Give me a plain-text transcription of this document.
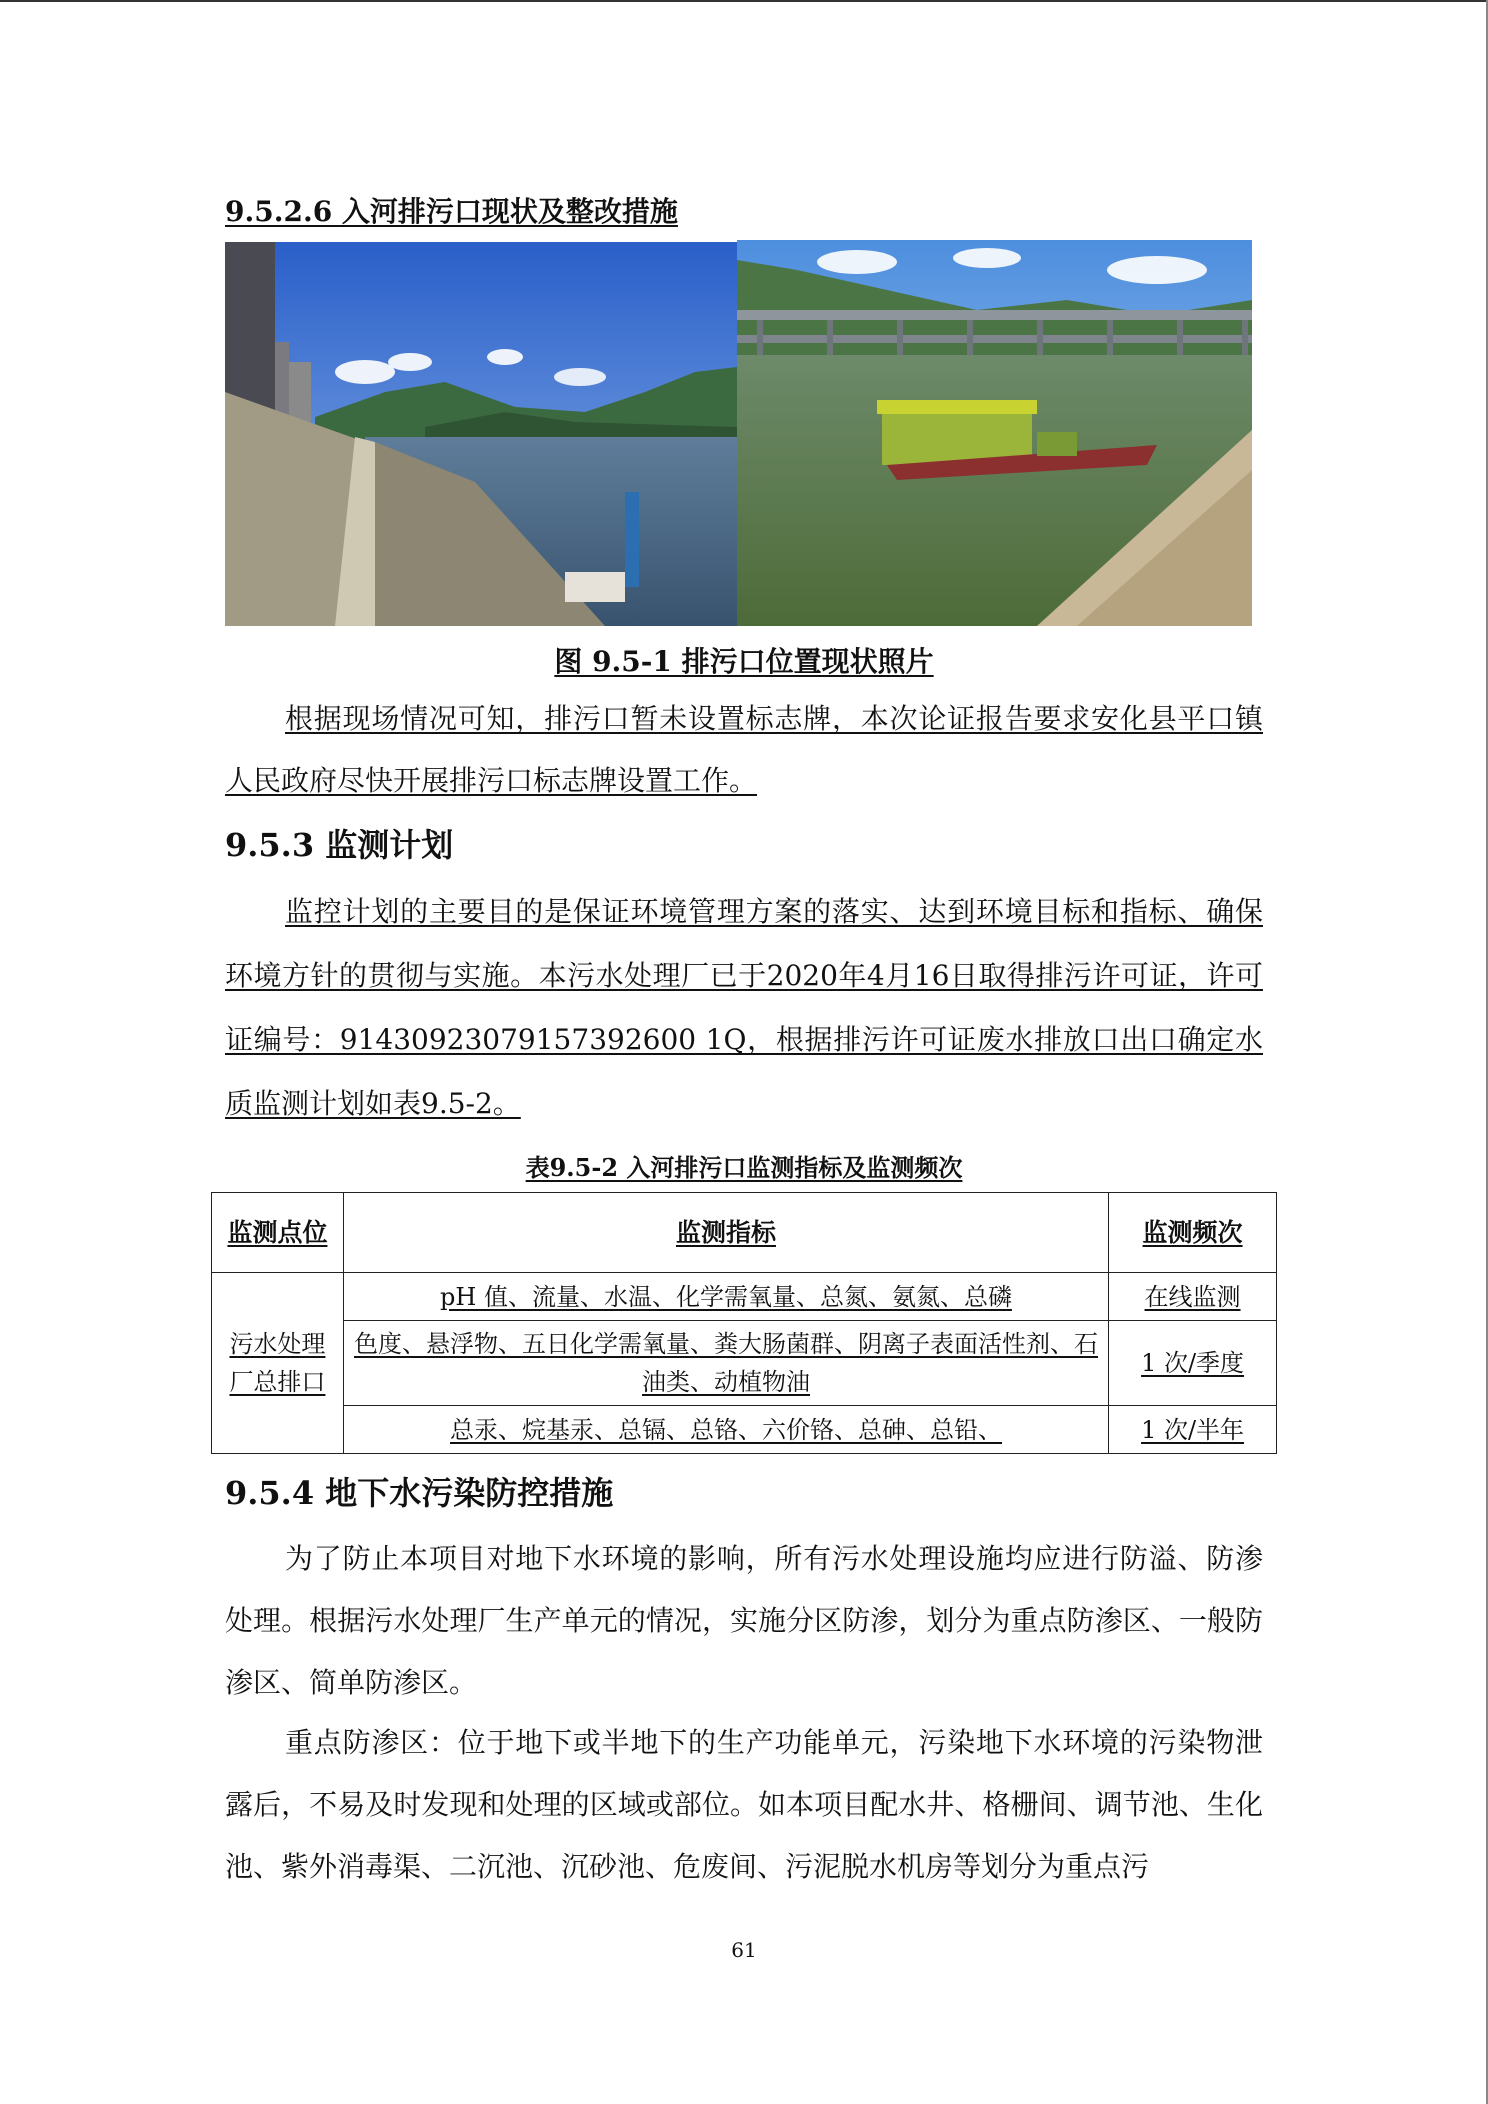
9.5.2.6 入河排污口现状及整改措施
图 9.5-1 排污口位置现状照片
根据现场情况可知，排污口暂未设置标志牌，本次论证报告要求安化县平口镇人民政府尽快开展排污口标志牌设置工作。
9.5.3 监测计划
监控计划的主要目的是保证环境管理方案的落实、达到环境目标和指标、确保环境方针的贯彻与实施。本污水处理厂已于2020年4月16日取得排污许可证，许可证编号：91430923079157392600 1Q，根据排污许可证废水排放口出口确定水质监测计划如表9.5-2。
表9.5-2 入河排污口监测指标及监测频次
监测点位	监测指标	监测频次
污水处理厂总排口	pH 值、流量、水温、化学需氧量、总氮、氨氮、总磷	在线监测
	色度、悬浮物、五日化学需氧量、粪大肠菌群、阴离子表面活性剂、石油类、动植物油	1 次/季度
	总汞、烷基汞、总镉、总铬、六价铬、总砷、总铅、	1 次/半年
9.5.4 地下水污染防控措施
为了防止本项目对地下水环境的影响，所有污水处理设施均应进行防溢、防渗处理。根据污水处理厂生产单元的情况，实施分区防渗，划分为重点防渗区、一般防渗区、简单防渗区。
重点防渗区：位于地下或半地下的生产功能单元，污染地下水环境的污染物泄露后，不易及时发现和处理的区域或部位。如本项目配水井、格栅间、调节池、生化池、紫外消毒渠、二沉池、沉砂池、危废间、污泥脱水机房等划分为重点污
61
